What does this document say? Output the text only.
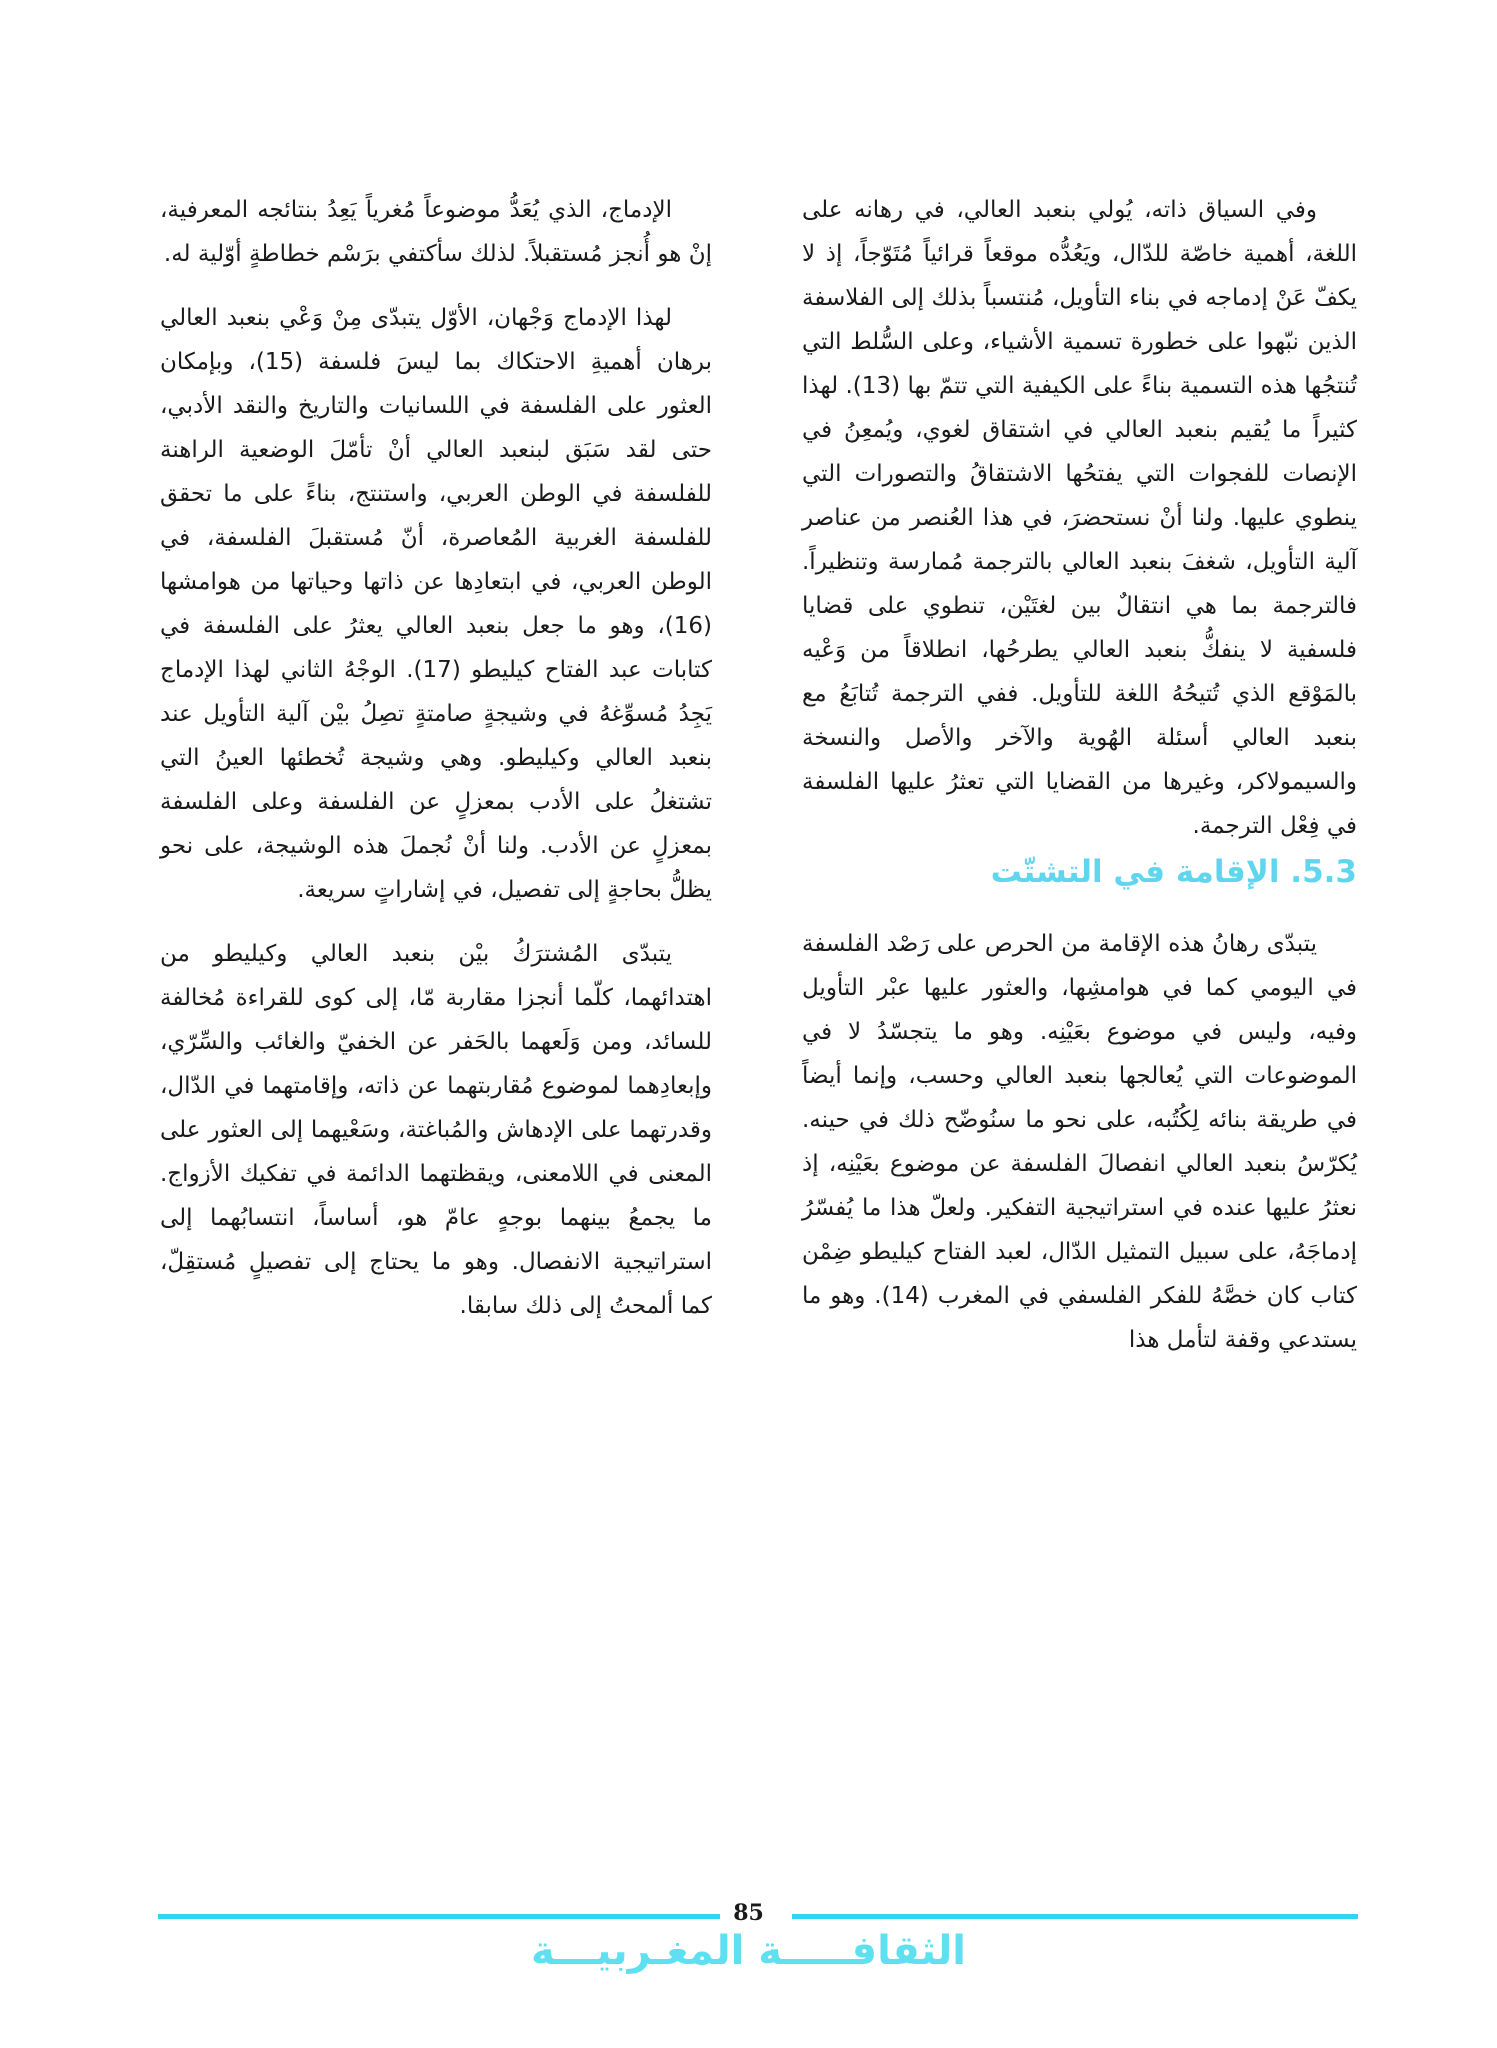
وفي السياق ذاته، يُولي بنعبد العالي، في رهانه على اللغة، أهمية خاصّة للدّال، ويَعُدُّه موقعاً قرائياً مُتَوّجاً، إذ لا يكفّ عَنْ إدماجه في بناء التأويل، مُنتسباً بذلك إلى الفلاسفة الذين نبّهوا على خطورة تسمية الأشياء، وعلى السُّلط التي تُنتجُها هذه التسمية بناءً على الكيفية التي تتمّ بها (13). لهذا كثيراً ما يُقيم بنعبد العالي في اشتقاق لغوي، ويُمعِنُ في الإنصات للفجوات التي يفتحُها الاشتقاقُ والتصورات التي ينطوي عليها. ولنا أنْ نستحضرَ، في هذا العُنصر من عناصر آلية التأويل، شغفَ بنعبد العالي بالترجمة مُمارسة وتنظيراً. فالترجمة بما هي انتقالٌ بين لغتَيْن، تنطوي على قضايا فلسفية لا ينفكُّ بنعبد العالي يطرحُها، انطلاقاً من وَعْيه بالمَوْقع الذي تُتيحُهُ اللغة للتأويل. ففي الترجمة تُتابَعُ مع بنعبد العالي أسئلة الهُوية والآخر والأصل والنسخة والسيمولاكر، وغيرها من القضايا التي تعثرُ عليها الفلسفة في فِعْل الترجمة.

5.3. الإقامة في التشتّت

يتبدّى رهانُ هذه الإقامة من الحرص على رَصْد الفلسفة في اليومي كما في هوامشِها، والعثور عليها عبْر التأويل وفيه، وليس في موضوع بعَيْنِه. وهو ما يتجسّدُ لا في الموضوعات التي يُعالجها بنعبد العالي وحسب، وإنما أيضاً في طريقة بنائه لِكُتُبه، على نحو ما سنُوضّح ذلك في حينه. يُكرّسُ بنعبد العالي انفصالَ الفلسفة عن موضوع بعَيْنِه، إذ نعثرُ عليها عنده في استراتيجية التفكير. ولعلّ هذا ما يُفسّرُ إدماجَهُ، على سبيل التمثيل الدّال، لعبد الفتاح كيليطو ضِمْن كتاب كان خصَّهُ للفكر الفلسفي في المغرب (14). وهو ما يستدعي وقفة لتأمل هذا

الإدماج، الذي يُعَدُّ موضوعاً مُغرياً يَعِدُ بنتائجه المعرفية، إنْ هو أُنجز مُستقبلاً. لذلك سأكتفي برَسْم خطاطةٍ أوّلية له.

لهذا الإدماج وَجْهان، الأوّل يتبدّى مِنْ وَعْي بنعبد العالي برهان أهميةِ الاحتكاك بما ليسَ فلسفة (15)، وبإمكان العثور على الفلسفة في اللسانيات والتاريخ والنقد الأدبي، حتى لقد سَبَق لبنعبد العالي أنْ تأمّلَ الوضعية الراهنة للفلسفة في الوطن العربي، واستنتج، بناءً على ما تحقق للفلسفة الغربية المُعاصرة، أنّ مُستقبلَ الفلسفة، في الوطن العربي، في ابتعادِها عن ذاتها وحياتها من هوامشها (16)، وهو ما جعل بنعبد العالي يعثرُ على الفلسفة في كتابات عبد الفتاح كيليطو (17). الوجْهُ الثاني لهذا الإدماج يَجِدُ مُسوِّغهُ في وشيجةٍ صامتةٍ تصِلُ بيْن آلية التأويل عند بنعبد العالي وكيليطو. وهي وشيجة تُخطئها العينُ التي تشتغلُ على الأدب بمعزلٍ عن الفلسفة وعلى الفلسفة بمعزلٍ عن الأدب. ولنا أنْ نُجملَ هذه الوشيجة، على نحو يظلُّ بحاجةٍ إلى تفصيل، في إشاراتٍ سريعة.

يتبدّى المُشترَكُ بيْن بنعبد العالي وكيليطو من اهتدائهما، كلّما أنجزا مقاربة مّا، إلى كوى للقراءة مُخالفة للسائد، ومن وَلَعهما بالحَفر عن الخفيّ والغائب والسِّرّي، وإبعادِهما لموضوع مُقاربتهما عن ذاته، وإقامتهما في الدّال، وقدرتهما على الإدهاش والمُباغتة، وسَعْيهما إلى العثور على المعنى في اللامعنى، ويقظتهما الدائمة في تفكيك الأزواج. ما يجمعُ بينهما بوجهٍ عامّ هو، أساساً، انتسابُهما إلى استراتيجية الانفصال. وهو ما يحتاج إلى تفصيلٍ مُستقِلّ، كما ألمحتُ إلى ذلك سابقا.

85
الثقافـــــة المغـربيـــة
